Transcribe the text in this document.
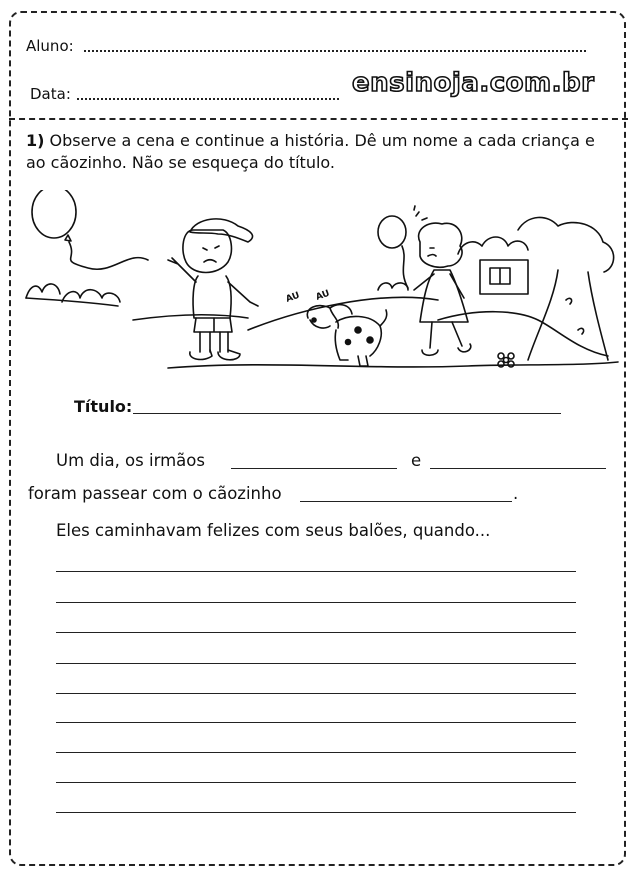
Aluno:
Data:	ensinoja.com.br
1) Observe a cena e continue a história. Dê um nome a cada criança e ao cãozinho. Não se esqueça do título.
AU AU
Título:
Um dia, os irmãos	e
foram passear com o cãozinho	.
Eles caminhavam felizes com seus balões, quando...
